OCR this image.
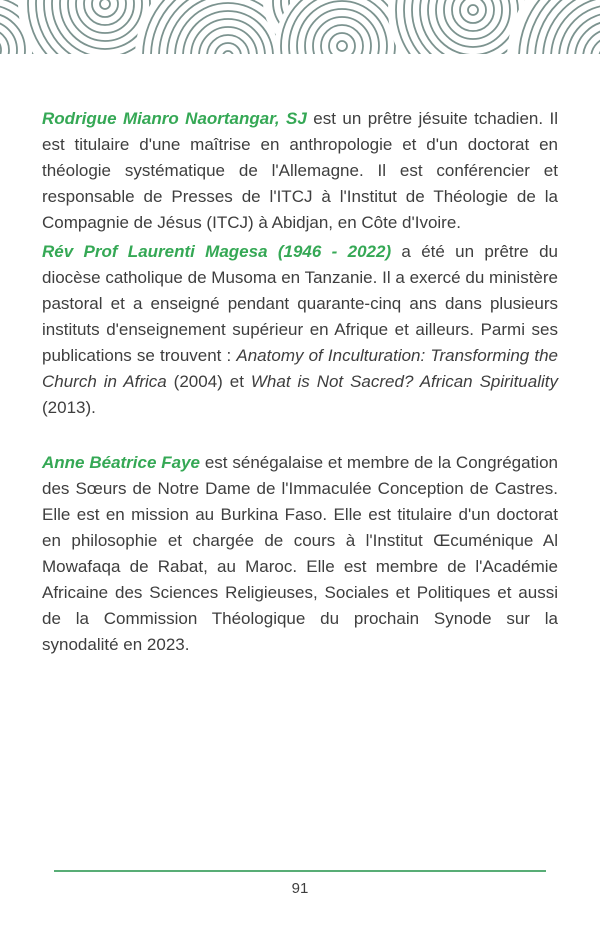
Rodrigue Mianro Naortangar, SJ est un prêtre jésuite tchadien. Il est titulaire d'une maîtrise en anthropologie et d'un doctorat en théologie systématique de l'Allemagne. Il est conférencier et responsable de Presses de l'ITCJ à l'Institut de Théologie de la Compagnie de Jésus (ITCJ) à Abidjan, en Côte d'Ivoire.

Rév Prof Laurenti Magesa (1946 - 2022) a été un prêtre du diocèse catholique de Musoma en Tanzanie. Il a exercé du ministère pastoral et a enseigné pendant quarante-cinq ans dans plusieurs instituts d'enseignement supérieur en Afrique et ailleurs. Parmi ses publications se trouvent : Anatomy of Inculturation: Transforming the Church in Africa (2004) et What is Not Sacred? African Spirituality (2013).

Anne Béatrice Faye est sénégalaise et membre de la Congrégation des Sœurs de Notre Dame de l'Immaculée Conception de Castres. Elle est en mission au Burkina Faso. Elle est titulaire d'un doctorat en philosophie et chargée de cours à l'Institut Œcuménique Al Mowafaqa de Rabat, au Maroc. Elle est membre de l'Académie Africaine des Sciences Religieuses, Sociales et Politiques et aussi de la Commission Théologique du prochain Synode sur la synodalité en 2023.

91
